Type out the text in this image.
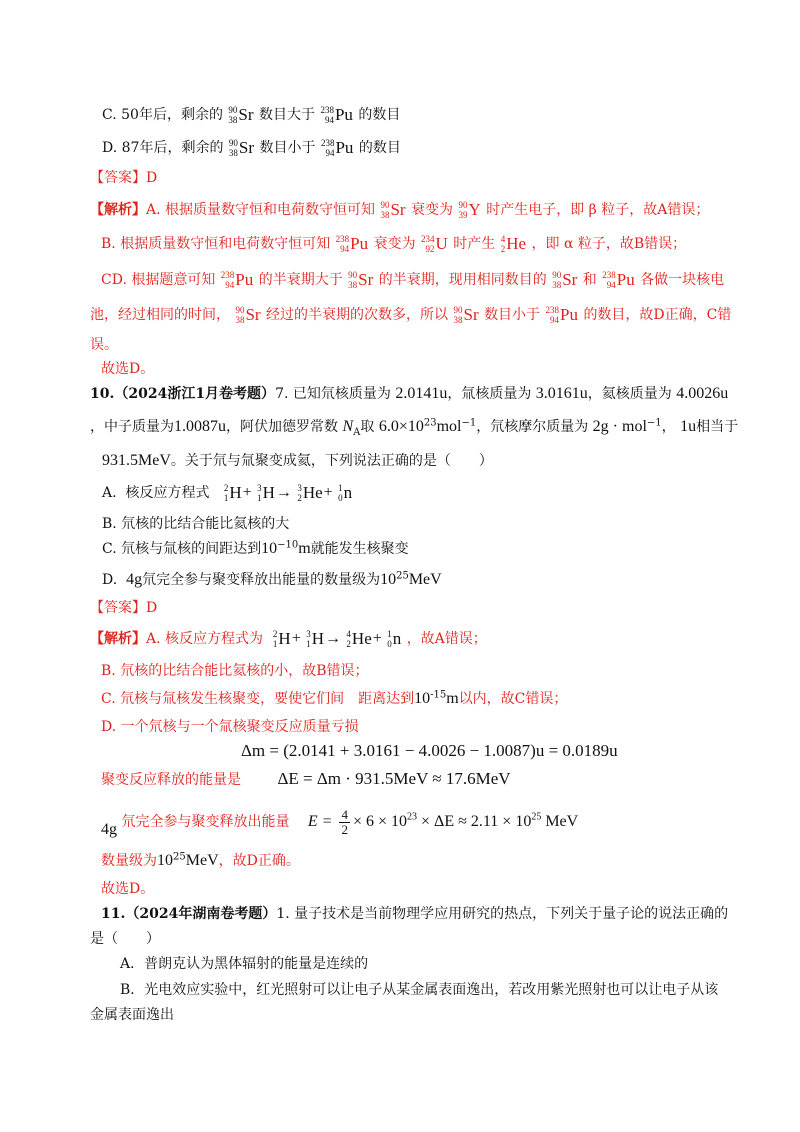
C. 50年后，剩余的 90
38 Sr 数目大于 238
94 Pu 的数目
D. 87年后，剩余的 90
38 Sr 数目小于 238
94 Pu 的数目
【答案】D
【解析】A. 根据质量数守恒和电荷数守恒可知 90
38 Sr 衰变为 90
39 Y 时产生电子，即 β 粒子，故A错误；
B. 根据质量数守恒和电荷数守恒可知 238
94 Pu 衰变为 234
92 U 时产生 4
2 He ，即 α 粒子，故B错误；
CD. 根据题意可知 238
94 Pu 的半衰期大于 90
38 Sr 的半衰期，现用相同数目的 90
38 Sr 和 238
94 Pu 各做一块核电
池，经过相同的时间， 90
38 Sr 经过的半衰期的次数多，所以 90
38 Sr 数目小于 238
94 Pu 的数目，故D正确，C错
误。
故选D。
10.（2024浙江1月卷考题）7. 已知氘核质量为 2.0141u，氚核质量为 3.0161u，氦核质量为 4.0026u
，中子质量为1.0087u，阿伏加德罗常数 $N_A$取 $6.0\times 10^{23}mol^{-1}$，氘核摩尔质量为 2g · mol$^{-1}$， 1u相当于
931.5MeV。关于氘与氚聚变成氦，下列说法正确的是（　　）
A. 核反应方程式 2
1 H+ 3
1 H→ 3
2 He+ 1
0 n
B. 氘核的比结合能比氦核的大
C. 氘核与氚核的间距达到$10^{-10}m$就能发生核聚变
D. 4g氘完全参与聚变释放出能量的数量级为$10^{25}MeV$
【答案】D
【解析】A. 核反应方程式为 2
1 H+ 3
1 H→ 4
2 He+ 1
0 n ，故A错误；
B. 氘核的比结合能比氦核的小，故B错误；
C. 氘核与氚核发生核聚变，要使它们间　距离达到$10^{-15}m$以内，故C错误；
D. 一个氘核与一个氚核聚变反应质量亏损
Δm = (2.0141 + 3.0161 − 4.0026 − 1.0087)u = 0.0189u
聚变反应释放的能量是 ΔE = Δm · 931.5MeV ≈ 17.6MeV
4g 氘完全参与聚变释放出能量 $E = \frac{4}{2} \times 6 \times 10^{23} \times \Delta E \approx 2.11 \times 10^{25}$ MeV
数量级为$10^{25}MeV$，故D正确。
故选D。
11.（2024年湖南卷考题）1. 量子技术是当前物理学应用研究的热点，下列关于量子论的说法正确的
是（　　）
A．普朗克认为黑体辐射的能量是连续的
B．光电效应实验中，红光照射可以让电子从某金属表面逸出，若改用紫光照射也可以让电子从该
金属表面逸出
